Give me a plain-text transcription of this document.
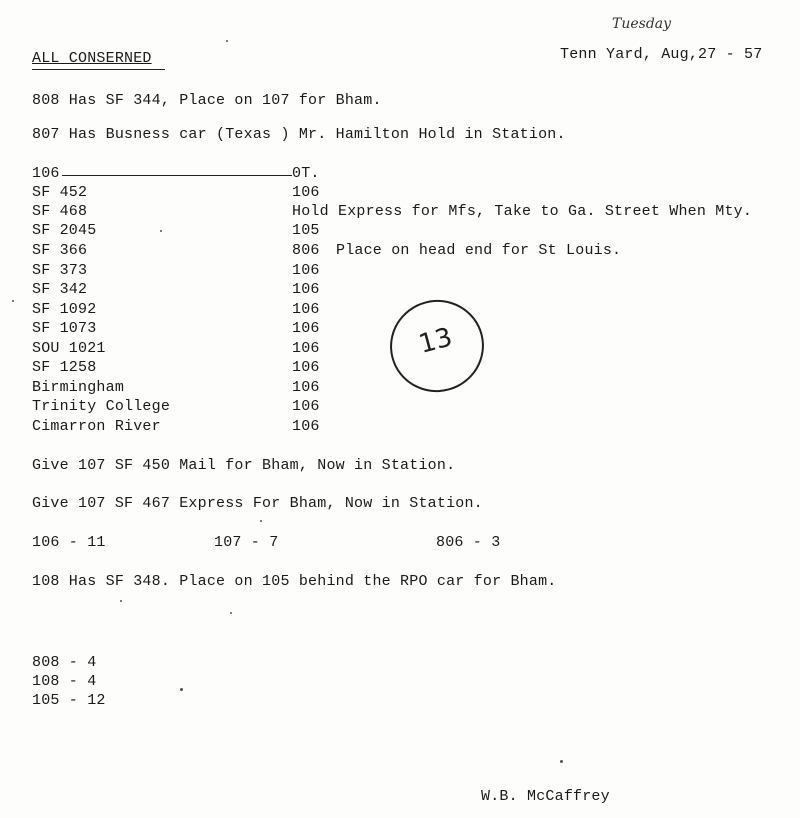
Tuesday
ALL CONSERNED	Tenn Yard, Aug,27 - 57
808 Has SF 344, Place on 107 for Bham.
807 Has Busness car (Texas ) Mr. Hamilton Hold in Station.
106	0T.
SF 452	106
SF 468	Hold Express for Mfs, Take to Ga. Street When Mty.
SF 2045	105
SF 366	806 Place on head end for St Louis.
SF 373	106
SF 342	106
SF 1092	106
SF 1073	106
SOU 1021	106
SF 1258	106
Birmingham	106
Trinity College	106
Cimarron River	106
13
Give 107 SF 450 Mail for Bham, Now in Station.
Give 107 SF 467 Express For Bham, Now in Station.
106 - 11	107 - 7	806 - 3
108 Has SF 348. Place on 105 behind the RPO car for Bham.
808 - 4
108 - 4
105 - 12
W.B. McCaffrey
